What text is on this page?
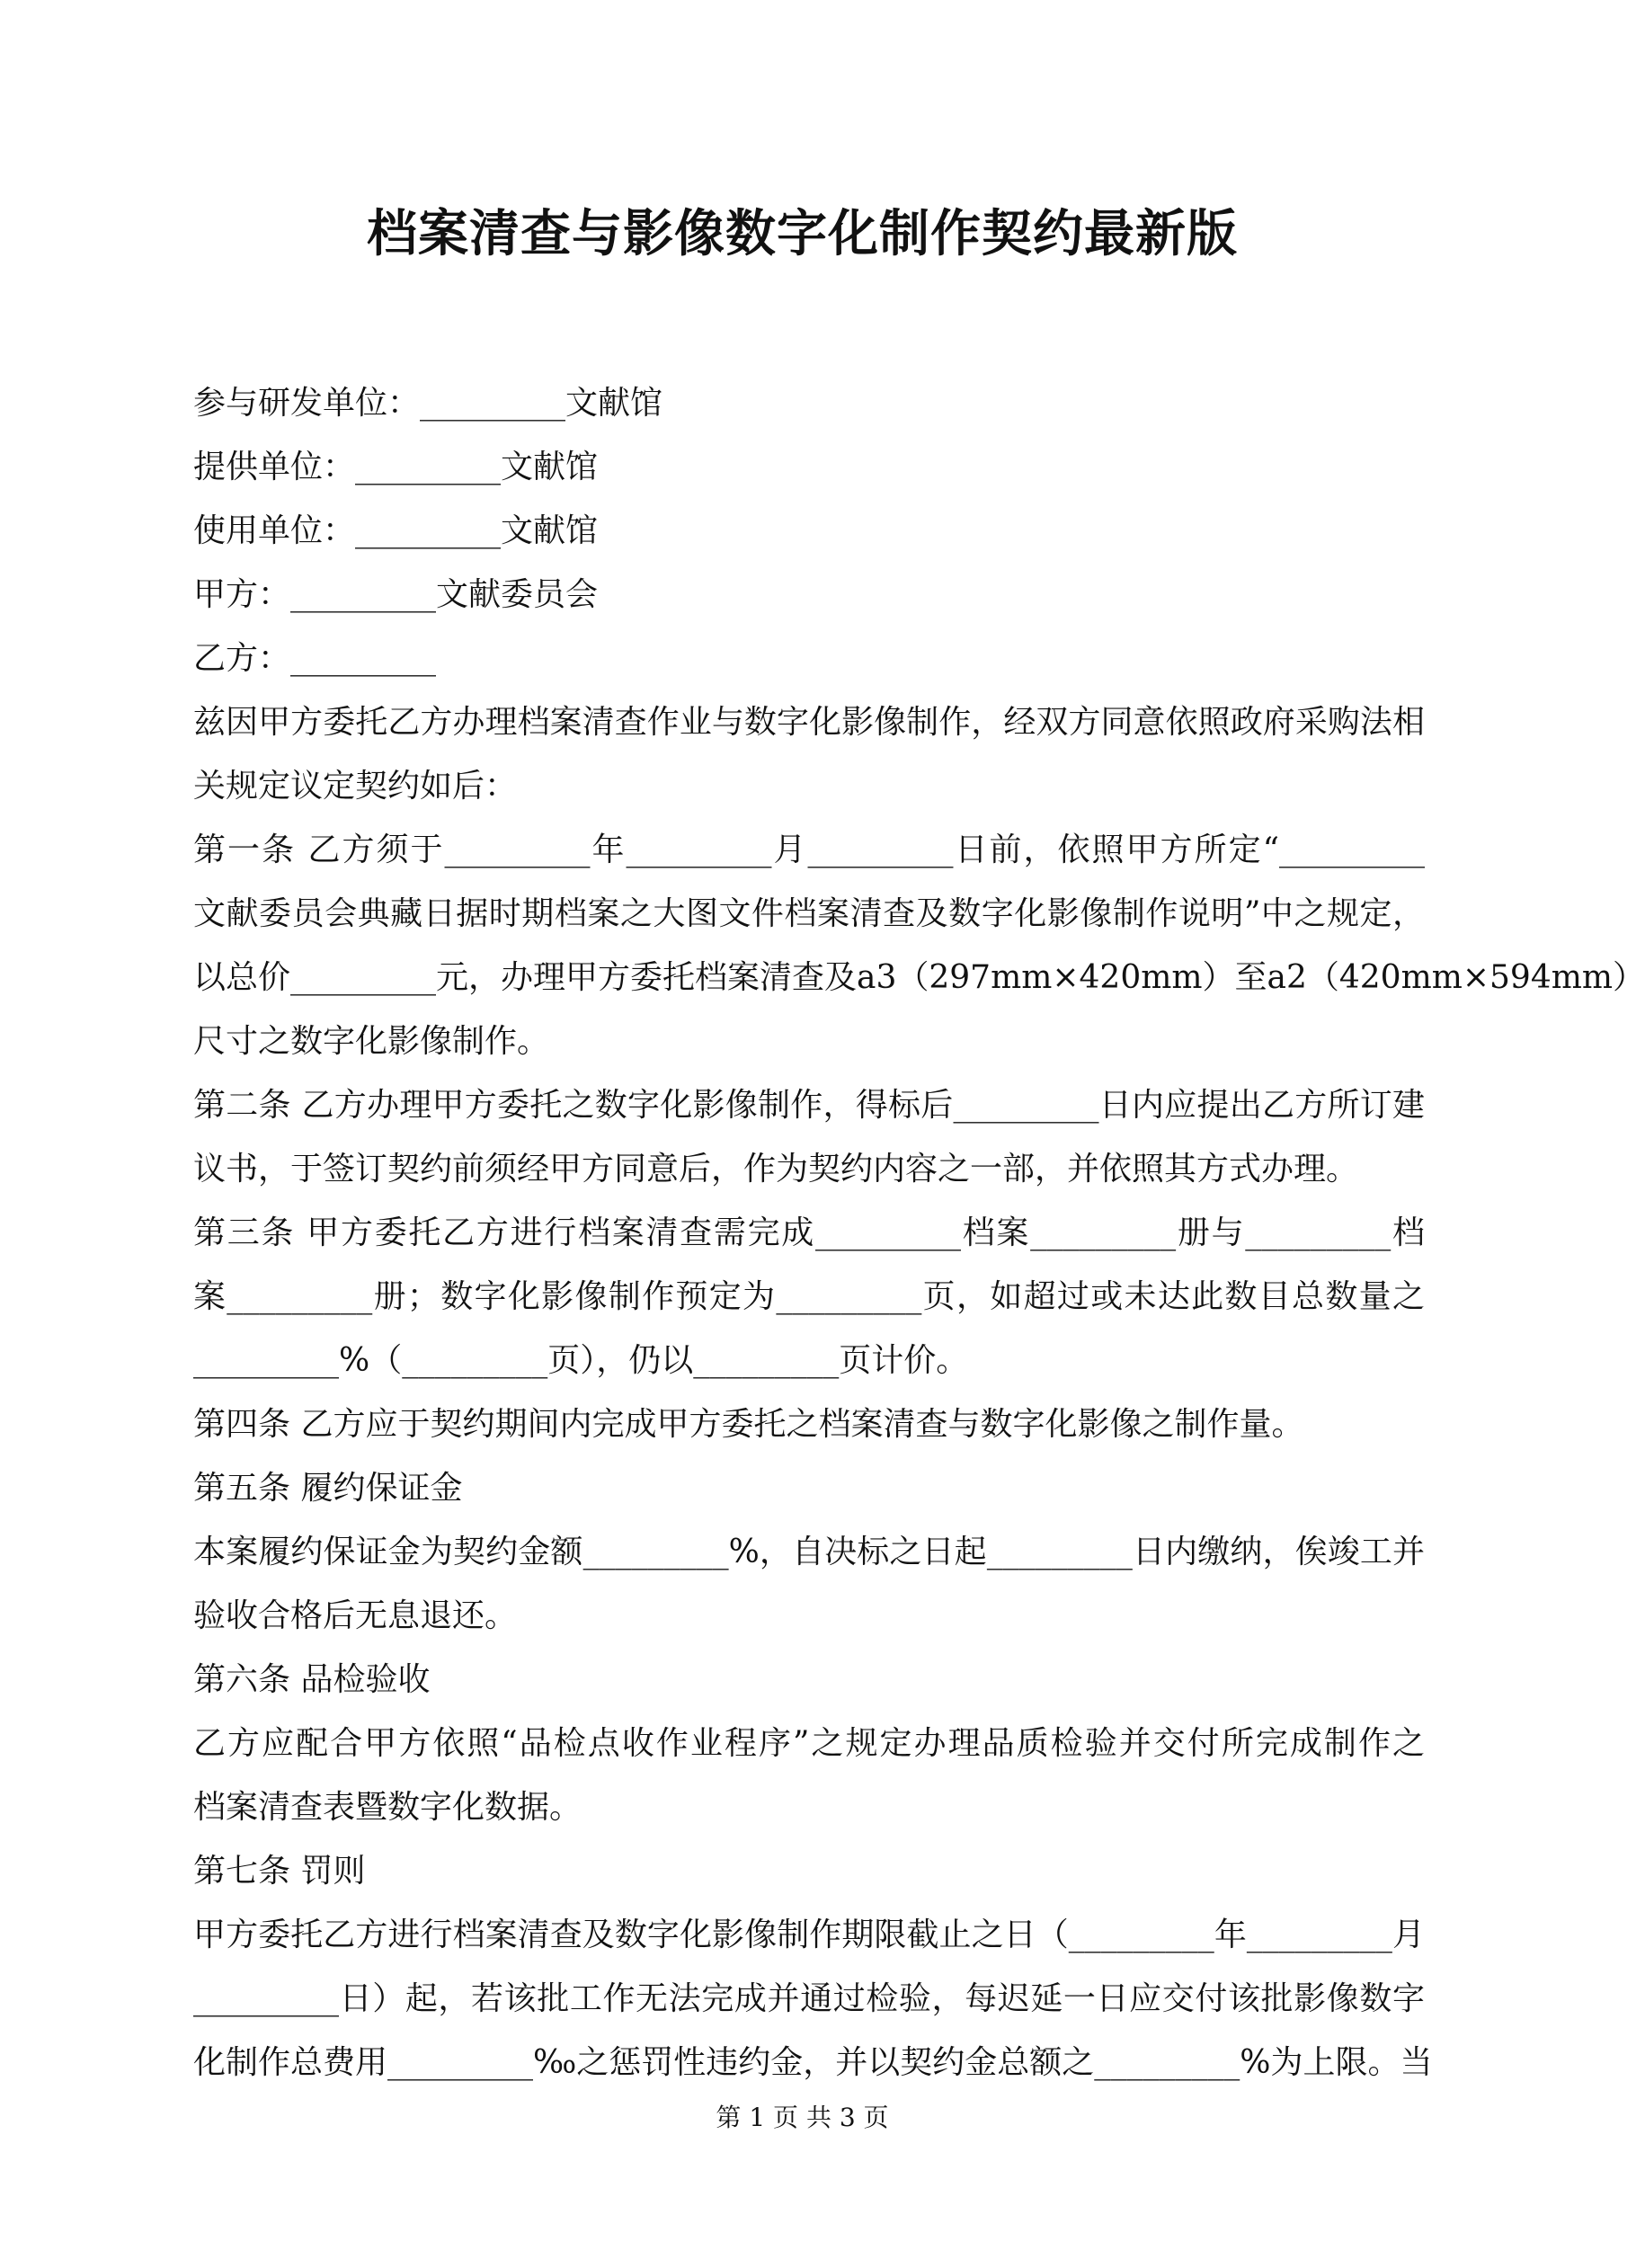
档案清查与影像数字化制作契约最新版
参与研发单位：_________文献馆
提供单位：_________文献馆
使用单位：_________文献馆
甲方：_________文献委员会
乙方：_________
兹因甲方委托乙方办理档案清查作业与数字化影像制作，经双方同意依照政府采购法相
关规定议定契约如后：
第一条 乙方须于_________年_________月_________日前，依照甲方所定“_________
文献委员会典藏日据时期档案之大图文件档案清查及数字化影像制作说明”中之规定，
以总价_________元，办理甲方委托档案清查及a3（297mm×420mm）至a2（420mm×594mm）
尺寸之数字化影像制作。
第二条 乙方办理甲方委托之数字化影像制作，得标后_________日内应提出乙方所订建
议书，于签订契约前须经甲方同意后，作为契约内容之一部，并依照其方式办理。
第三条 甲方委托乙方进行档案清查需完成_________档案_________册与_________档
案_________册；数字化影像制作预定为_________页，如超过或未达此数目总数量之
_________%（_________页），仍以_________页计价。
第四条 乙方应于契约期间内完成甲方委托之档案清查与数字化影像之制作量。
第五条 履约保证金
本案履约保证金为契约金额_________%，自决标之日起_________日内缴纳，俟竣工并
验收合格后无息退还。
第六条 品检验收
乙方应配合甲方依照“品检点收作业程序”之规定办理品质检验并交付所完成制作之
档案清查表暨数字化数据。
第七条 罚则
甲方委托乙方进行档案清查及数字化影像制作期限截止之日（_________年_________月
_________日）起，若该批工作无法完成并通过检验，每迟延一日应交付该批影像数字
化制作总费用_________‰之惩罚性违约金，并以契约金总额之_________%为上限。当
第 1 页 共 3 页
